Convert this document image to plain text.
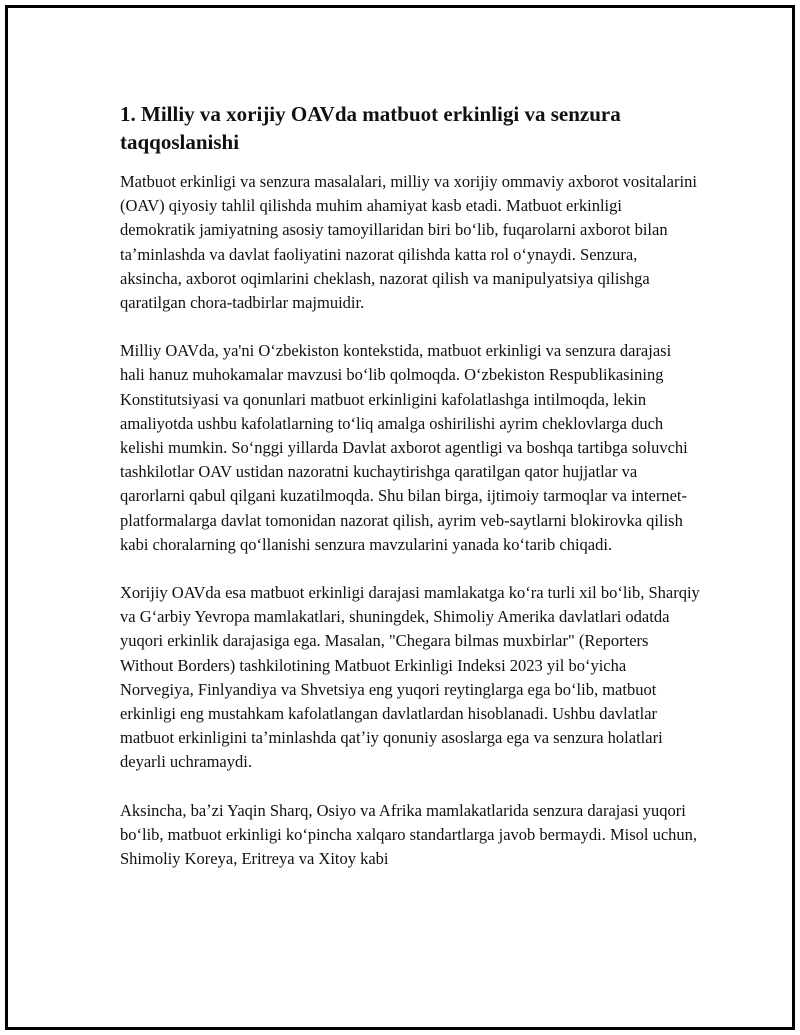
1. Milliy va xorijiy OAVda matbuot erkinligi va senzura taqqoslanishi

Matbuot erkinligi va senzura masalalari, milliy va xorijiy ommaviy axborot vositalarini (OAV) qiyosiy tahlil qilishda muhim ahamiyat kasb etadi. Matbuot erkinligi demokratik jamiyatning asosiy tamoyillaridan biri boʻlib, fuqarolarni axborot bilan taʼminlashda va davlat faoliyatini nazorat qilishda katta rol oʻynaydi. Senzura, aksincha, axborot oqimlarini cheklash, nazorat qilish va manipulyatsiya qilishga qaratilgan chora-tadbirlar majmuidir.

Milliy OAVda, ya'ni Oʻzbekiston kontekstida, matbuot erkinligi va senzura darajasi hali hanuz muhokamalar mavzusi boʻlib qolmoqda. Oʻzbekiston Respublikasining Konstitutsiyasi va qonunlari matbuot erkinligini kafolatlashga intilmoqda, lekin amaliyotda ushbu kafolatlarning toʻliq amalga oshirilishi ayrim cheklovlarga duch kelishi mumkin. Soʻnggi yillarda Davlat axborot agentligi va boshqa tartibga soluvchi tashkilotlar OAV ustidan nazoratni kuchaytirishga qaratilgan qator hujjatlar va qarorlarni qabul qilgani kuzatilmoqda. Shu bilan birga, ijtimoiy tarmoqlar va internet-platformalarga davlat tomonidan nazorat qilish, ayrim veb-saytlarni blokirovka qilish kabi choralarning qoʻllanishi senzura mavzularini yanada koʻtarib chiqadi.

Xorijiy OAVda esa matbuot erkinligi darajasi mamlakatga koʻra turli xil boʻlib, Sharqiy va Gʻarbiy Yevropa mamlakatlari, shuningdek, Shimoliy Amerika davlatlari odatda yuqori erkinlik darajasiga ega. Masalan, "Chegara bilmas muxbirlar" (Reporters Without Borders) tashkilotining Matbuot Erkinligi Indeksi 2023 yil boʻyicha Norvegiya, Finlyandiya va Shvetsiya eng yuqori reytinglarga ega boʻlib, matbuot erkinligi eng mustahkam kafolatlangan davlatlardan hisoblanadi. Ushbu davlatlar matbuot erkinligini taʼminlashda qatʼiy qonuniy asoslarga ega va senzura holatlari deyarli uchramaydi.

Aksincha, baʼzi Yaqin Sharq, Osiyo va Afrika mamlakatlarida senzura darajasi yuqori boʻlib, matbuot erkinligi koʻpincha xalqaro standartlarga javob bermaydi. Misol uchun, Shimoliy Koreya, Eritreya va Xitoy kabi
